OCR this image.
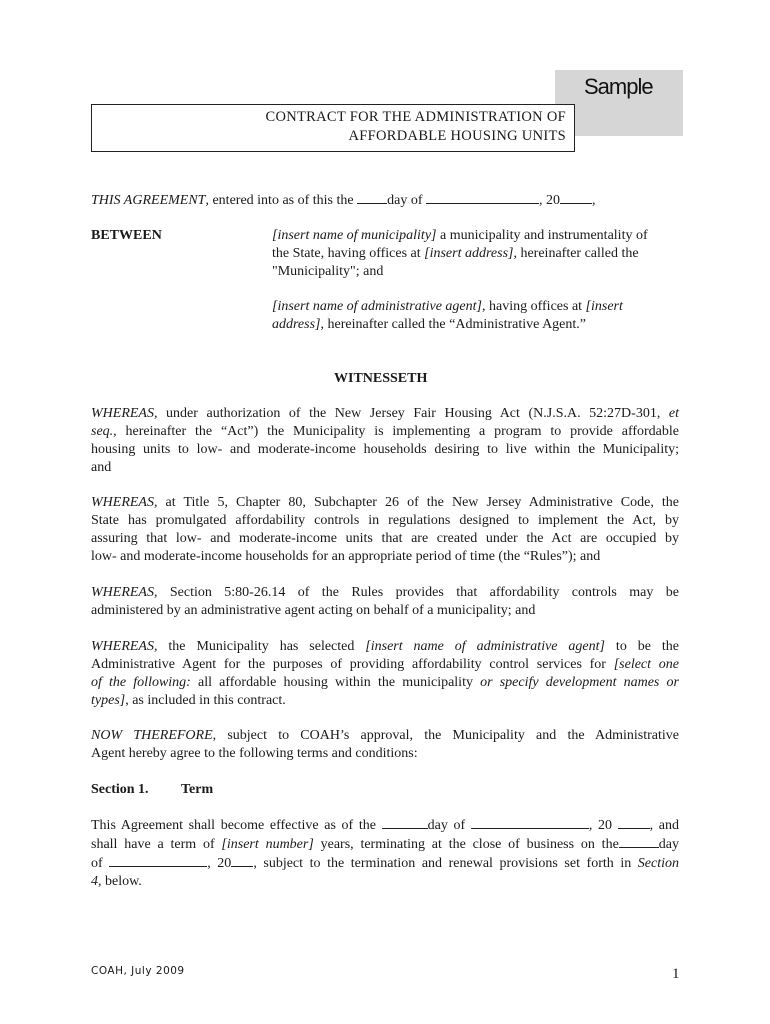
Sample
CONTRACT FOR THE ADMINISTRATION OF
AFFORDABLE HOUSING UNITS
THIS AGREEMENT, entered into as of this the day of	, 20 ,
BETWEEN	[insert name of municipality] a municipality and instrumentality of
the State, having offices at [insert address], hereinafter called the
"Municipality"; and
[insert name of administrative agent], having offices at [insert
address], hereinafter called the “Administrative Agent.”
WITNESSETH
WHEREAS, under authorization of the New Jersey Fair Housing Act (N.J.S.A. 52:27D-301, et
seq., hereinafter the “Act”) the Municipality is implementing a program to provide affordable
housing units to low- and moderate-income households desiring to live within the Municipality;
and
WHEREAS, at Title 5, Chapter 80, Subchapter 26 of the New Jersey Administrative Code, the
State has promulgated affordability controls in regulations designed to implement the Act, by
assuring that low- and moderate-income units that are created under the Act are occupied by
low- and moderate-income households for an appropriate period of time (the “Rules”); and
WHEREAS, Section 5:80-26.14 of the Rules provides that affordability controls may be
administered by an administrative agent acting on behalf of a municipality; and
WHEREAS, the Municipality has selected [insert name of administrative agent] to be the
Administrative Agent for the purposes of providing affordability control services for [select one
of the following: all affordable housing within the municipality or specify development names or
types], as included in this contract.
NOW THEREFORE, subject to COAH’s approval, the Municipality and the Administrative
Agent hereby agree to the following terms and conditions:
Section 1. Term
This Agreement shall become effective as of the	day of	, 20 , and
shall have a term of [insert number] years, terminating at the close of business on the	day
of	, 20 , subject to the termination and renewal provisions set forth in Section
4, below.
COAH, July 2009	1
